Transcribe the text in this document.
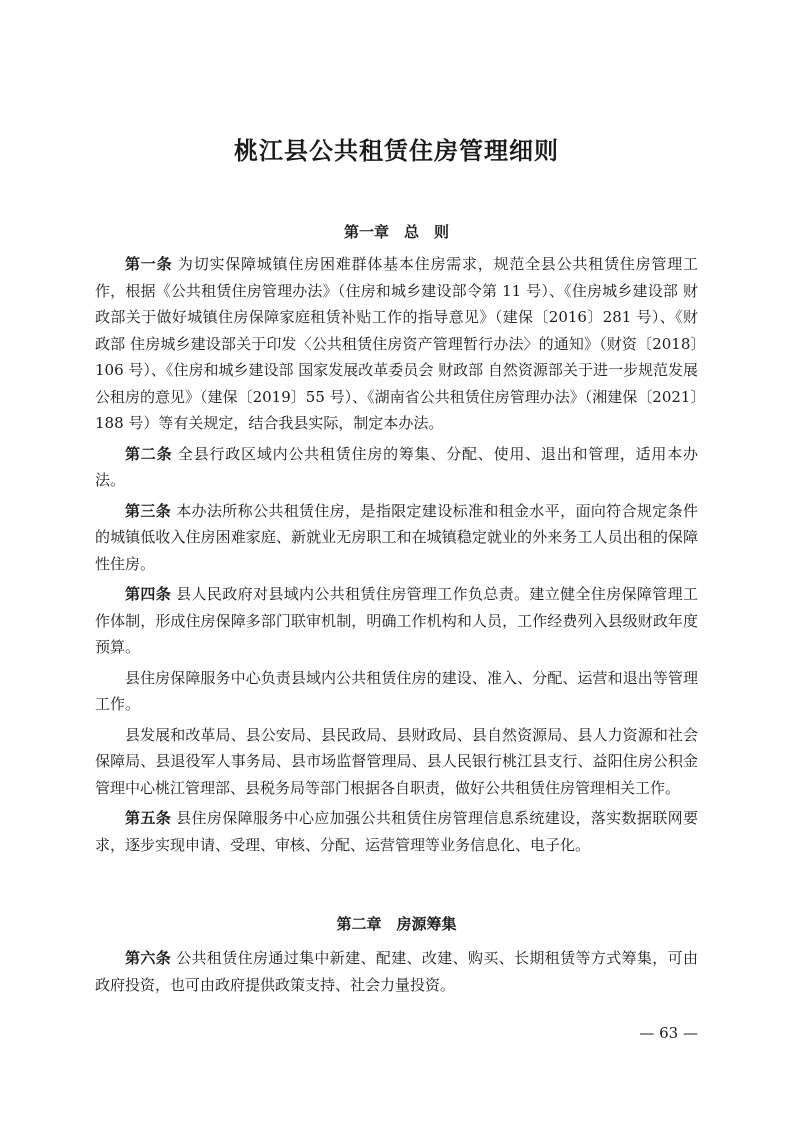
桃江县公共租赁住房管理细则
第一章　总　则

第一条 为切实保障城镇住房困难群体基本住房需求，规范全县公共租赁住房管理工作，根据《公共租赁住房管理办法》（住房和城乡建设部令第 11 号）、《住房城乡建设部 财政部关于做好城镇住房保障家庭租赁补贴工作的指导意见》（建保〔2016〕281 号）、《财政部 住房城乡建设部关于印发〈公共租赁住房资产管理暂行办法〉的通知》（财资〔2018〕106 号）、《住房和城乡建设部 国家发展改革委员会 财政部 自然资源部关于进一步规范发展公租房的意见》（建保〔2019〕55 号）、《湖南省公共租赁住房管理办法》（湘建保〔2021〕188 号）等有关规定，结合我县实际，制定本办法。

第二条 全县行政区域内公共租赁住房的筹集、分配、使用、退出和管理，适用本办法。

第三条 本办法所称公共租赁住房，是指限定建设标准和租金水平，面向符合规定条件的城镇低收入住房困难家庭、新就业无房职工和在城镇稳定就业的外来务工人员出租的保障性住房。

第四条 县人民政府对县域内公共租赁住房管理工作负总责。建立健全住房保障管理工作体制，形成住房保障多部门联审机制，明确工作机构和人员，工作经费列入县级财政年度预算。

县住房保障服务中心负责县域内公共租赁住房的建设、准入、分配、运营和退出等管理工作。

县发展和改革局、县公安局、县民政局、县财政局、县自然资源局、县人力资源和社会保障局、县退役军人事务局、县市场监督管理局、县人民银行桃江县支行、益阳住房公积金管理中心桃江管理部、县税务局等部门根据各自职责，做好公共租赁住房管理相关工作。

第五条 县住房保障服务中心应加强公共租赁住房管理信息系统建设，落实数据联网要求，逐步实现申请、受理、审核、分配、运营管理等业务信息化、电子化。

第二章　房源筹集

第六条 公共租赁住房通过集中新建、配建、改建、购买、长期租赁等方式筹集，可由政府投资，也可由政府提供政策支持、社会力量投资。

— 63 —
